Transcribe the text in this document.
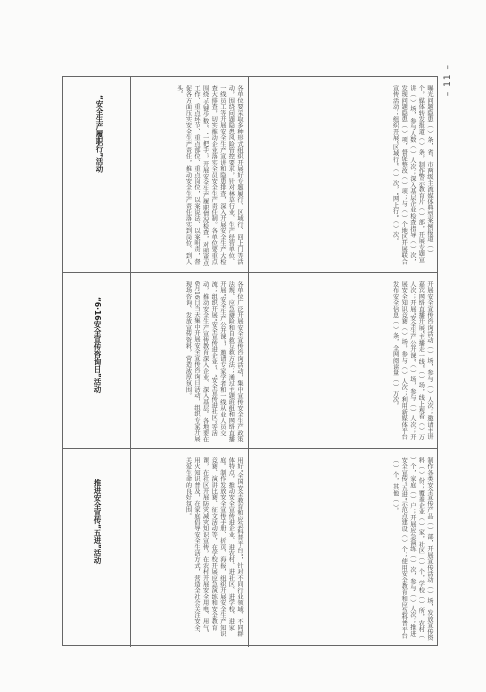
– 11 –
“安全生产履职行”活动	各单位要采取多种形式组织开展好专题履行、区域行、回上门等活动，围绕问题隐患风险管控要求，针对林草行业、生产经营单位、一线员工等开展安全生产宣讲和隐患排查，深入开展安全生产大检查大排查，切实推动企业落实全员安全生产责任制。各单位要重点围绕‘关键少数’、‘一把手’，开展安全生产履职情况检查，对照重点工作、重点环节、重点部位、重点岗位，以案说法、以案明责，督促各方面压实安全生产责任，推动安全生产责任落实到岗位、到人头。	曝光问题隐患（ ）条，省、市两级主流媒体典型案例报道（ ）个，媒体转发报道（ ）条，制作警示教育片（ ）部，开展专题宣讲（ ）场，参与人数（ ）人次；深入基层企业检查指导（ ）次，发现问题隐患（ ）项，督促整改（ ）项；与（ ）个地区开展联合宣传活动；组织开展“区域行”（ ）次，“网上行”（ ）次。
“6·16安全宣传咨询日”活动	各单位广泛开展安全宣传咨询活动，集中宣传安全生产政策法规、应急避险和自救互救方法；通过主题班组和网络直播开展“安全生产公开课”，邀请专家学者和一线从业人员交流；组织开展“安全宣传进企业”、“安全宣传进社区”等活动，推动安全生产宣传教育深入企业、深入基层。各地要在6月16日当天集中开展安全宣传咨询日活动，组织专家开展现场咨询、发放宣传资料，营造浓厚氛围。	开展安全宣传咨询活动（ ）场，参与（ ）人次；邀请主讲嘉宾网络直播开展“主播走一线”（ ）场，线上观看（ ）万人次；开展“安全生产公开课”（ ）场，参与（ ）人次；开展安全知识竞赛（ ）场，参与（ ）人次；利用新媒体平台发布安全信息（ ）条，全网阅读量（ ）万次。
推进安全宣传“五进”活动	用好“全国安全教育和应急科普平台”，针对不同行业领域、不同群体特点，推动安全宣传进企业、进农村、进社区、进学校、进家庭。制作发放安全宣传手册、折页、海报，组织开展安全生产知识竞赛、演讲比赛、征文活动等，在学校开展应急演练和安全教育课，在社区开展防灾减灾知识宣传，在农村开展安全用电、用气、用火知识普及，在家庭倡导安全生活方式，营造全社会关注安全、关爱生命的良好氛围。	制作各类安全宣传产品（ ）部，开展宣传活动（ ）场，发放宣传资料（ ）份；覆盖企业（ ）家，社区（ ）个，学校（ ）所，农村（ ）个，家庭（ ）户；开展应急演练（ ）次，参与（ ）人次；推进安全宣传“五进”示范点建设（ ）个；使用安全教育和应急科普平台（ ）个，其他（ ）。
